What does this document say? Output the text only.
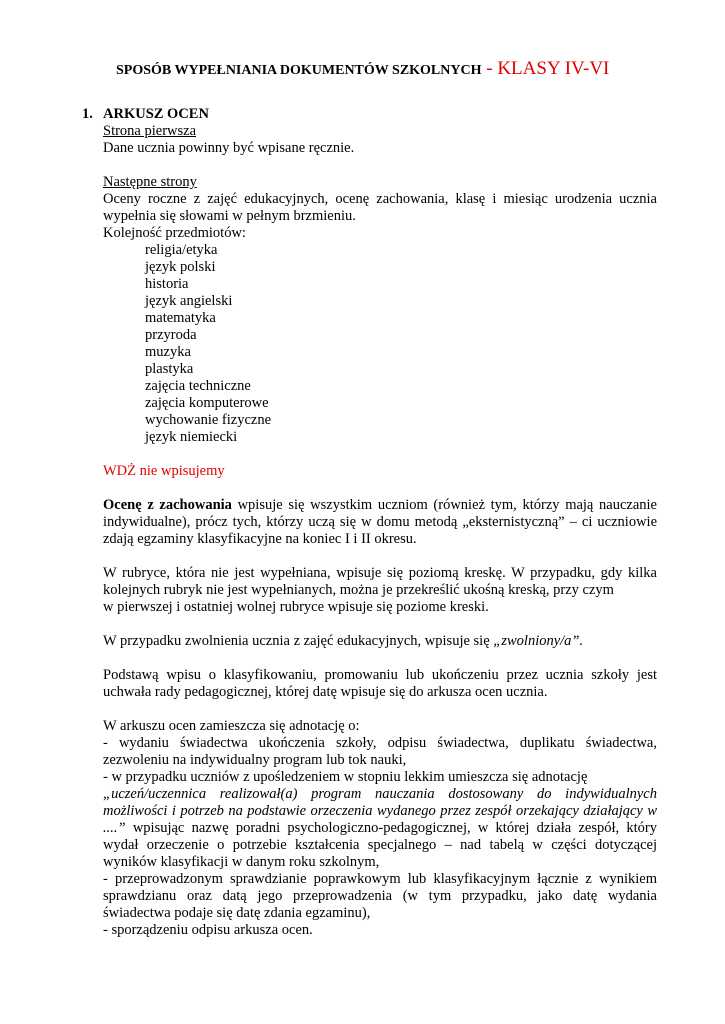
SPOSÓB WYPEŁNIANIA DOKUMENTÓW SZKOLNYCH - KLASY IV-VI
1. ARKUSZ OCEN
Strona pierwsza
Dane ucznia powinny być wpisane ręcznie.
Następne strony
Oceny roczne z zajęć edukacyjnych, ocenę zachowania, klasę i miesiąc urodzenia ucznia wypełnia się słowami w pełnym brzmieniu.
Kolejność przedmiotów:
religia/etyka
język polski
historia
język angielski
matematyka
przyroda
muzyka
plastyka
zajęcia techniczne
zajęcia komputerowe
wychowanie fizyczne
język niemiecki
WDŻ nie wpisujemy
Ocenę z zachowania wpisuje się wszystkim uczniom (również tym, którzy mają nauczanie indywidualne), prócz tych, którzy uczą się w domu metodą „eksternistyczną” – ci uczniowie zdają egzaminy klasyfikacyjne na koniec I i II okresu.
W rubryce, która nie jest wypełniana, wpisuje się poziomą kreskę. W przypadku, gdy kilka kolejnych rubryk nie jest wypełnianych, można je przekreślić ukośną kreską, przy czym
w pierwszej i ostatniej wolnej rubryce wpisuje się poziome kreski.
W przypadku zwolnienia ucznia z zajęć edukacyjnych, wpisuje się „zwolniony/a”.
Podstawą wpisu o klasyfikowaniu, promowaniu lub ukończeniu przez ucznia szkoły jest uchwała rady pedagogicznej, której datę wpisuje się do arkusza ocen ucznia.
W arkuszu ocen zamieszcza się adnotację o:
- wydaniu świadectwa ukończenia szkoły, odpisu świadectwa, duplikatu świadectwa, zezwoleniu na indywidualny program lub tok nauki,
- w przypadku uczniów z upośledzeniem w stopniu lekkim umieszcza się adnotację
„uczeń/uczennica realizował(a) program nauczania dostosowany do indywidualnych możliwości i potrzeb na podstawie orzeczenia wydanego przez zespół orzekający działający w ....” wpisując nazwę poradni psychologiczno-pedagogicznej, w której działa zespół, który wydał orzeczenie o potrzebie kształcenia specjalnego – nad tabelą w części dotyczącej wyników klasyfikacji w danym roku szkolnym,
- przeprowadzonym sprawdzianie poprawkowym lub klasyfikacyjnym łącznie z wynikiem sprawdzianu oraz datą jego przeprowadzenia (w tym przypadku, jako datę wydania świadectwa podaje się datę zdania egzaminu),
- sporządzeniu odpisu arkusza ocen.
